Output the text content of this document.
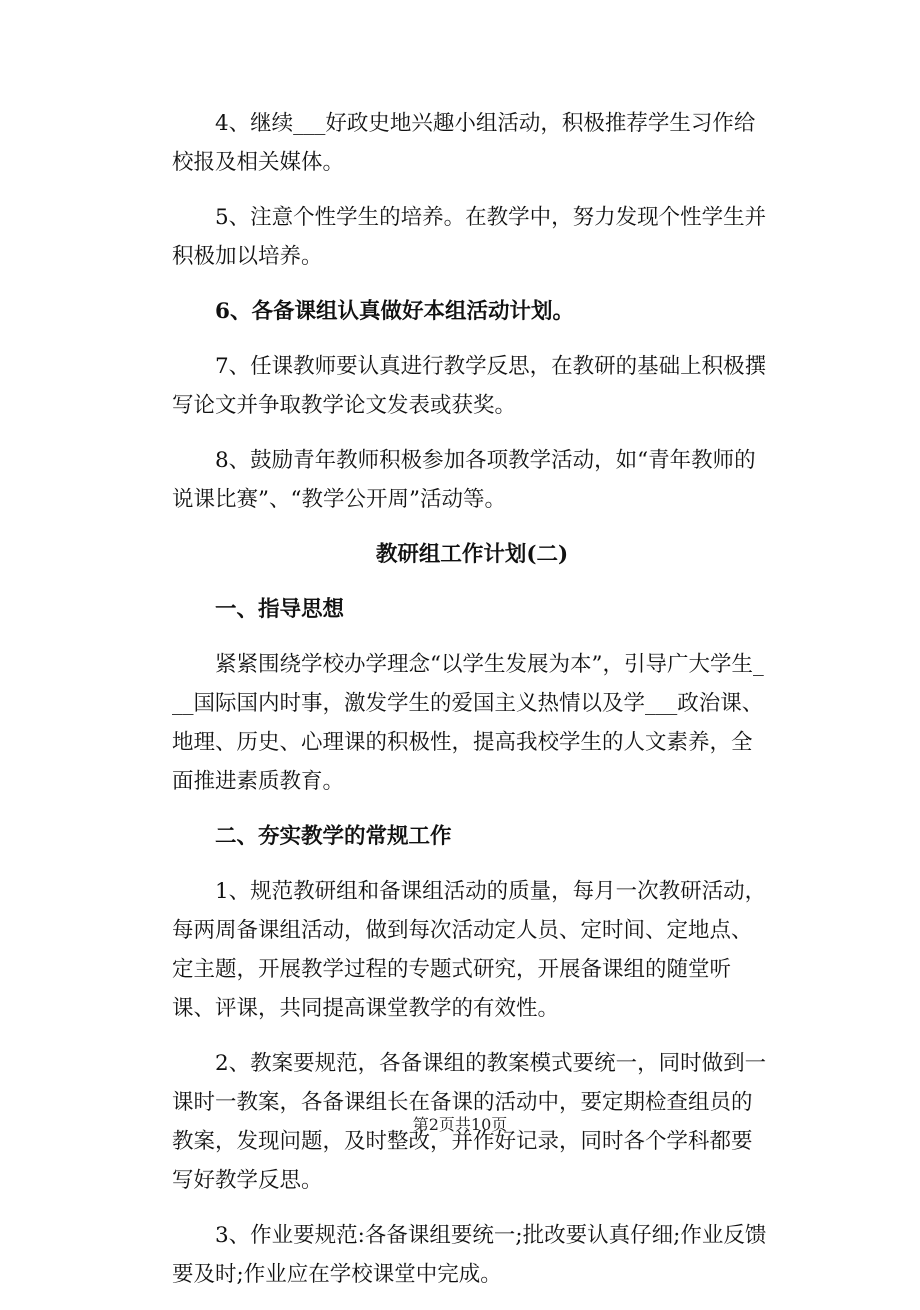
4、继续___好政史地兴趣小组活动，积极推荐学生习作给校报及相关媒体。

5、注意个性学生的培养。在教学中，努力发现个性学生并积极加以培养。

6、各备课组认真做好本组活动计划。

7、任课教师要认真进行教学反思，在教研的基础上积极撰写论文并争取教学论文发表或获奖。

8、鼓励青年教师积极参加各项教学活动，如“青年教师的说课比赛”、“教学公开周”活动等。

教研组工作计划(二)

一、指导思想

紧紧围绕学校办学理念“以学生发展为本”，引导广大学生___国际国内时事，激发学生的爱国主义热情以及学___政治课、地理、历史、心理课的积极性，提高我校学生的人文素养，全面推进素质教育。

二、夯实教学的常规工作

1、规范教研组和备课组活动的质量，每月一次教研活动，每两周备课组活动，做到每次活动定人员、定时间、定地点、定主题，开展教学过程的专题式研究，开展备课组的随堂听课、评课，共同提高课堂教学的有效性。

2、教案要规范，各备课组的教案模式要统一，同时做到一课时一教案，各备课组长在备课的活动中，要定期检查组员的教案，发现问题，及时整改，并作好记录，同时各个学科都要写好教学反思。

3、作业要规范:各备课组要统一;批改要认真仔细;作业反馈要及时;作业应在学校课堂中完成。

第2页共10页
